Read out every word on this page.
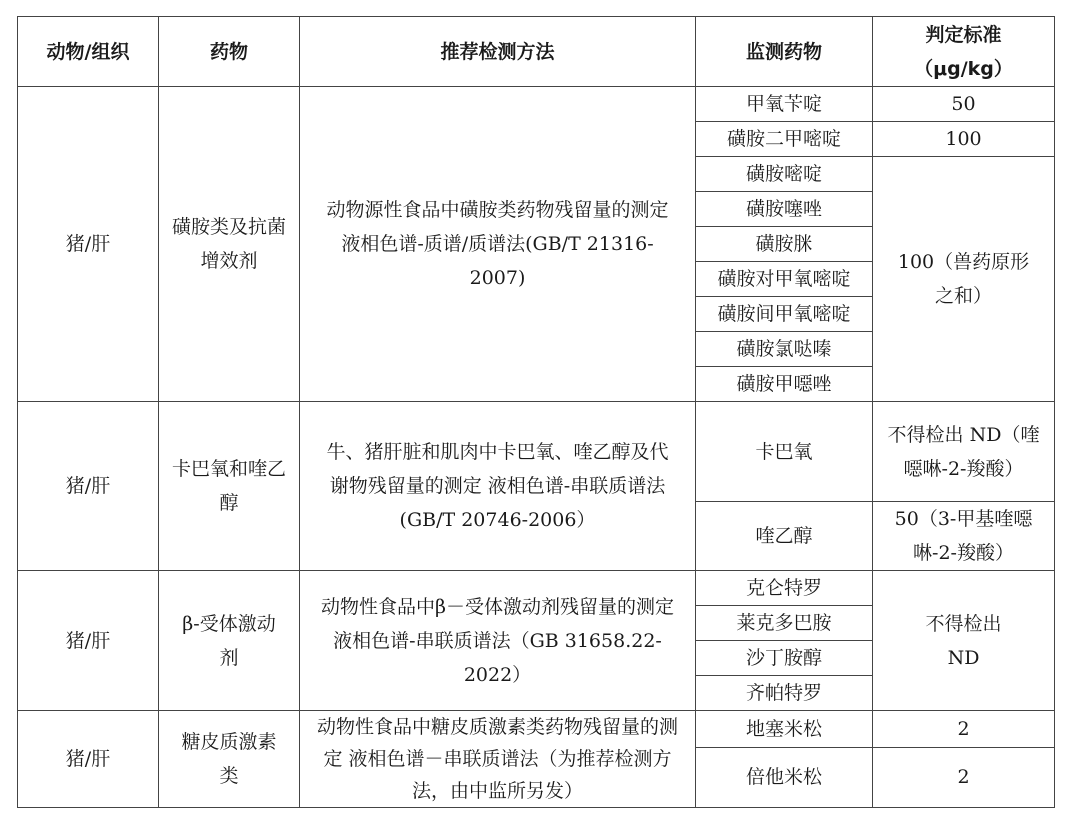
动物/组织	药物	推荐检测方法	监测药物	判定标准
（μg/kg）
猪/肝	磺胺类及抗菌增效剂	动物源性食品中磺胺类药物残留量的测定 液相色谱-质谱/质谱法(GB/T 21316-2007)	甲氧苄啶	50
			磺胺二甲嘧啶	100
			磺胺嘧啶	100（兽药原形之和）
			磺胺噻唑	
			磺胺脒	
			磺胺对甲氧嘧啶	
			磺胺间甲氧嘧啶	
			磺胺氯哒嗪	
			磺胺甲噁唑	
猪/肝	卡巴氧和喹乙醇	牛、猪肝脏和肌肉中卡巴氧、喹乙醇及代谢物残留量的测定 液相色谱-串联质谱法(GB/T 20746-2006）	卡巴氧	不得检出 ND（喹噁啉-2-羧酸）
			喹乙醇	50（3-甲基喹噁啉-2-羧酸）
猪/肝	β-受体激动剂	动物性食品中β－受体激动剂残留量的测定 液相色谱-串联质谱法（GB 31658.22-2022）	克仑特罗	不得检出 ND
			莱克多巴胺	
			沙丁胺醇	
			齐帕特罗	
猪/肝	糖皮质激素类	动物性食品中糖皮质激素类药物残留量的测定 液相色谱－串联质谱法（为推荐检测方法，由中监所另发）	地塞米松	2
			倍他米松	2
